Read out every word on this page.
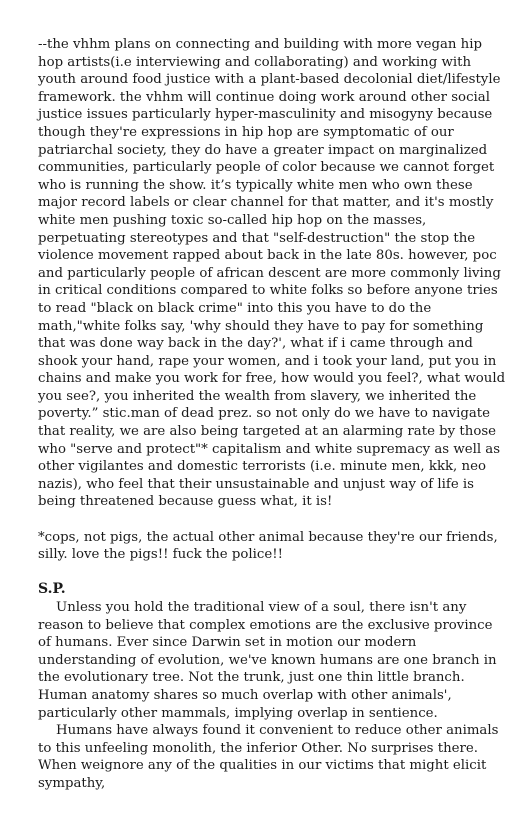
--the vhhm plans on connecting and building with more vegan hip hop artists(i.e interviewing and collaborating) and working with youth around food justice with a plant-based decolonial diet/lifestyle framework. the vhhm will continue doing work around other social justice issues particularly hyper-masculinity and misogyny because though they're expressions in hip hop are symptomatic of our patriarchal society, they do have a greater impact on marginalized communities, particularly people of color because we cannot forget who is running the show. it’s typically white men who own these major record labels or clear channel for that matter, and it's mostly white men pushing toxic so-called hip hop on the masses, perpetuating stereotypes and that "self-destruction" the stop the violence movement rapped about back in the late 80s. however, poc and particularly people of african descent are more commonly living in critical conditions compared to white folks so before anyone tries to read "black on black crime" into this you have to do the math,"white folks say, 'why should they have to pay for something that was done way back in the day?', what if i came through and shook your hand, rape your women, and i took your land, put you in chains and make you work for free, how would you feel?, what would you see?, you inherited the wealth from slavery, we inherited the poverty.” stic.man of dead prez. so not only do we have to navigate that reality, we are also being targeted at an alarming rate by those who "serve and protect"* capitalism and white supremacy as well as other vigilantes and domestic terrorists (i.e. minute men, kkk, neo nazis), who feel that their unsustainable and unjust way of life is being threatened because guess what, it is!

*cops, not pigs, the actual other animal because they're our friends, silly. love the pigs!! fuck the police!!

S.P.

Unless you hold the traditional view of a soul, there isn't any reason to believe that complex emotions are the exclusive province of humans. Ever since Darwin set in motion our modern understanding of evolution, we've known humans are one branch in the evolutionary tree. Not the trunk, just one thin little branch. Human anatomy shares so much overlap with other animals', particularly other mammals, implying overlap in sentience.

Humans have always found it convenient to reduce other animals to this unfeeling monolith, the inferior Other. No surprises there. When weignore any of the qualities in our victims that might elicit sympathy,
